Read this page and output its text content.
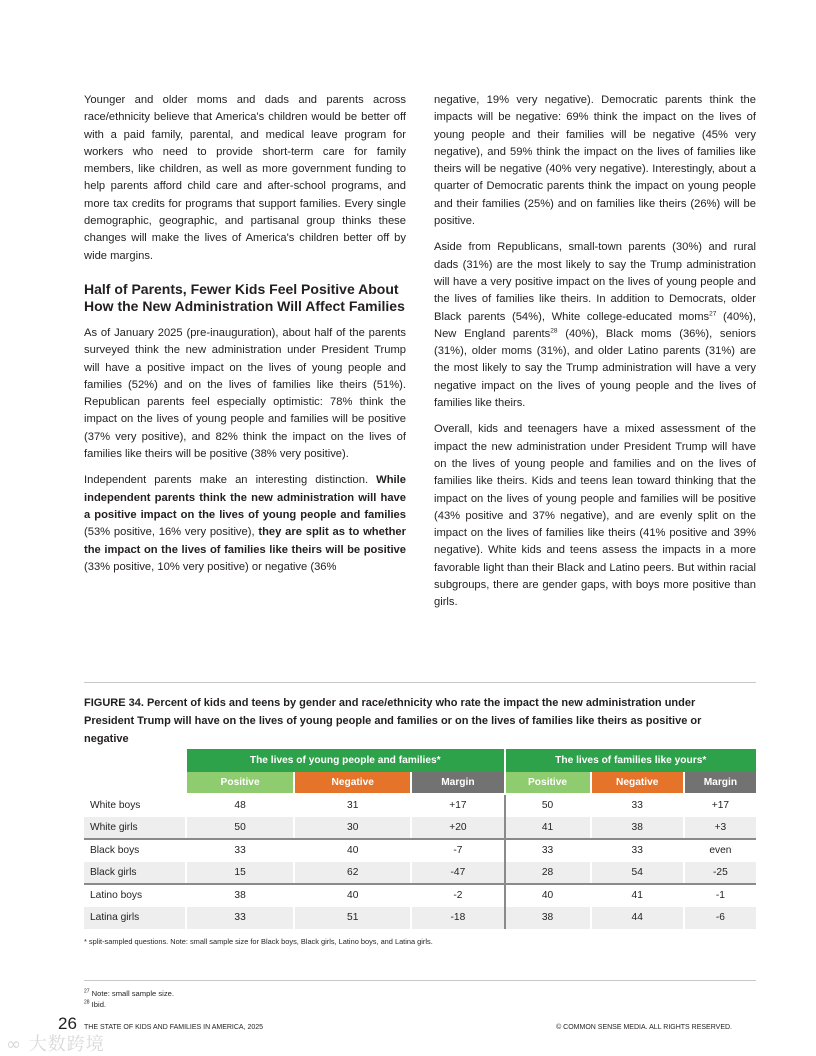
Younger and older moms and dads and parents across race/ethnicity believe that America's children would be better off with a paid family, parental, and medical leave program for workers who need to provide short-term care for family members, like children, as well as more government funding to help parents afford child care and after-school programs, and more tax credits for programs that support families. Every single demographic, geographic, and partisanal group thinks these changes will make the lives of America's children better off by wide margins.

Half of Parents, Fewer Kids Feel Positive About How the New Administration Will Affect Families

As of January 2025 (pre-inauguration), about half of the parents surveyed think the new administration under President Trump will have a positive impact on the lives of young people and families (52%) and on the lives of families like theirs (51%). Republican parents feel especially optimistic: 78% think the impact on the lives of young people and families will be positive (37% very positive), and 82% think the impact on the lives of families like theirs will be positive (38% very positive).

Independent parents make an interesting distinction. While independent parents think the new administration will have a positive impact on the lives of young people and families (53% positive, 16% very positive), they are split as to whether the impact on the lives of families like theirs will be positive (33% positive, 10% very positive) or negative (36%

negative, 19% very negative). Democratic parents think the impacts will be negative: 69% think the impact on the lives of young people and their families will be negative (45% very negative), and 59% think the impact on the lives of families like theirs will be negative (40% very negative). Interestingly, about a quarter of Democratic parents think the impact on young people and their families (25%) and on families like theirs (26%) will be positive.

Aside from Republicans, small-town parents (30%) and rural dads (31%) are the most likely to say the Trump administration will have a very positive impact on the lives of young people and the lives of families like theirs. In addition to Democrats, older Black parents (54%), White college-educated moms$^{27}$ (40%), New England parents$^{28}$ (40%), Black moms (36%), seniors (31%), older moms (31%), and older Latino parents (31%) are the most likely to say the Trump administration will have a very negative impact on the lives of young people and the lives of families like theirs.

Overall, kids and teenagers have a mixed assessment of the impact the new administration under President Trump will have on the lives of young people and families and on the lives of families like theirs. Kids and teens lean toward thinking that the impact on the lives of young people and families will be positive (43% positive and 37% negative), and are evenly split on the impact on the lives of families like theirs (41% positive and 39% negative). White kids and teens assess the impacts in a more favorable light than their Black and Latino peers. But within racial subgroups, there are gender gaps, with boys more positive than girls.

FIGURE 34. Percent of kids and teens by gender and race/ethnicity who rate the impact the new administration under President Trump will have on the lives of young people and families or on the lives of families like theirs as positive or negative
	The lives of young people and families*			The lives of families like yours*		
	Positive	Negative	Margin	Positive	Negative	Margin
White boys	48	31	+17	50	33	+17
White girls	50	30	+20	41	38	+3
Black boys	33	40	-7	33	33	even
Black girls	15	62	-47	28	54	-25
Latino boys	38	40	-2	40	41	-1
Latina girls	33	51	-18	38	44	-6
* split-sampled questions. Note: small sample size for Black boys, Black girls, Latino boys, and Latina girls.
$^{27}$ Note: small sample size.
$^{28}$ Ibid.
26 THE STATE OF KIDS AND FAMILIES IN AMERICA, 2025	© COMMON SENSE MEDIA. ALL RIGHTS RESERVED.
∞ 大数跨境
